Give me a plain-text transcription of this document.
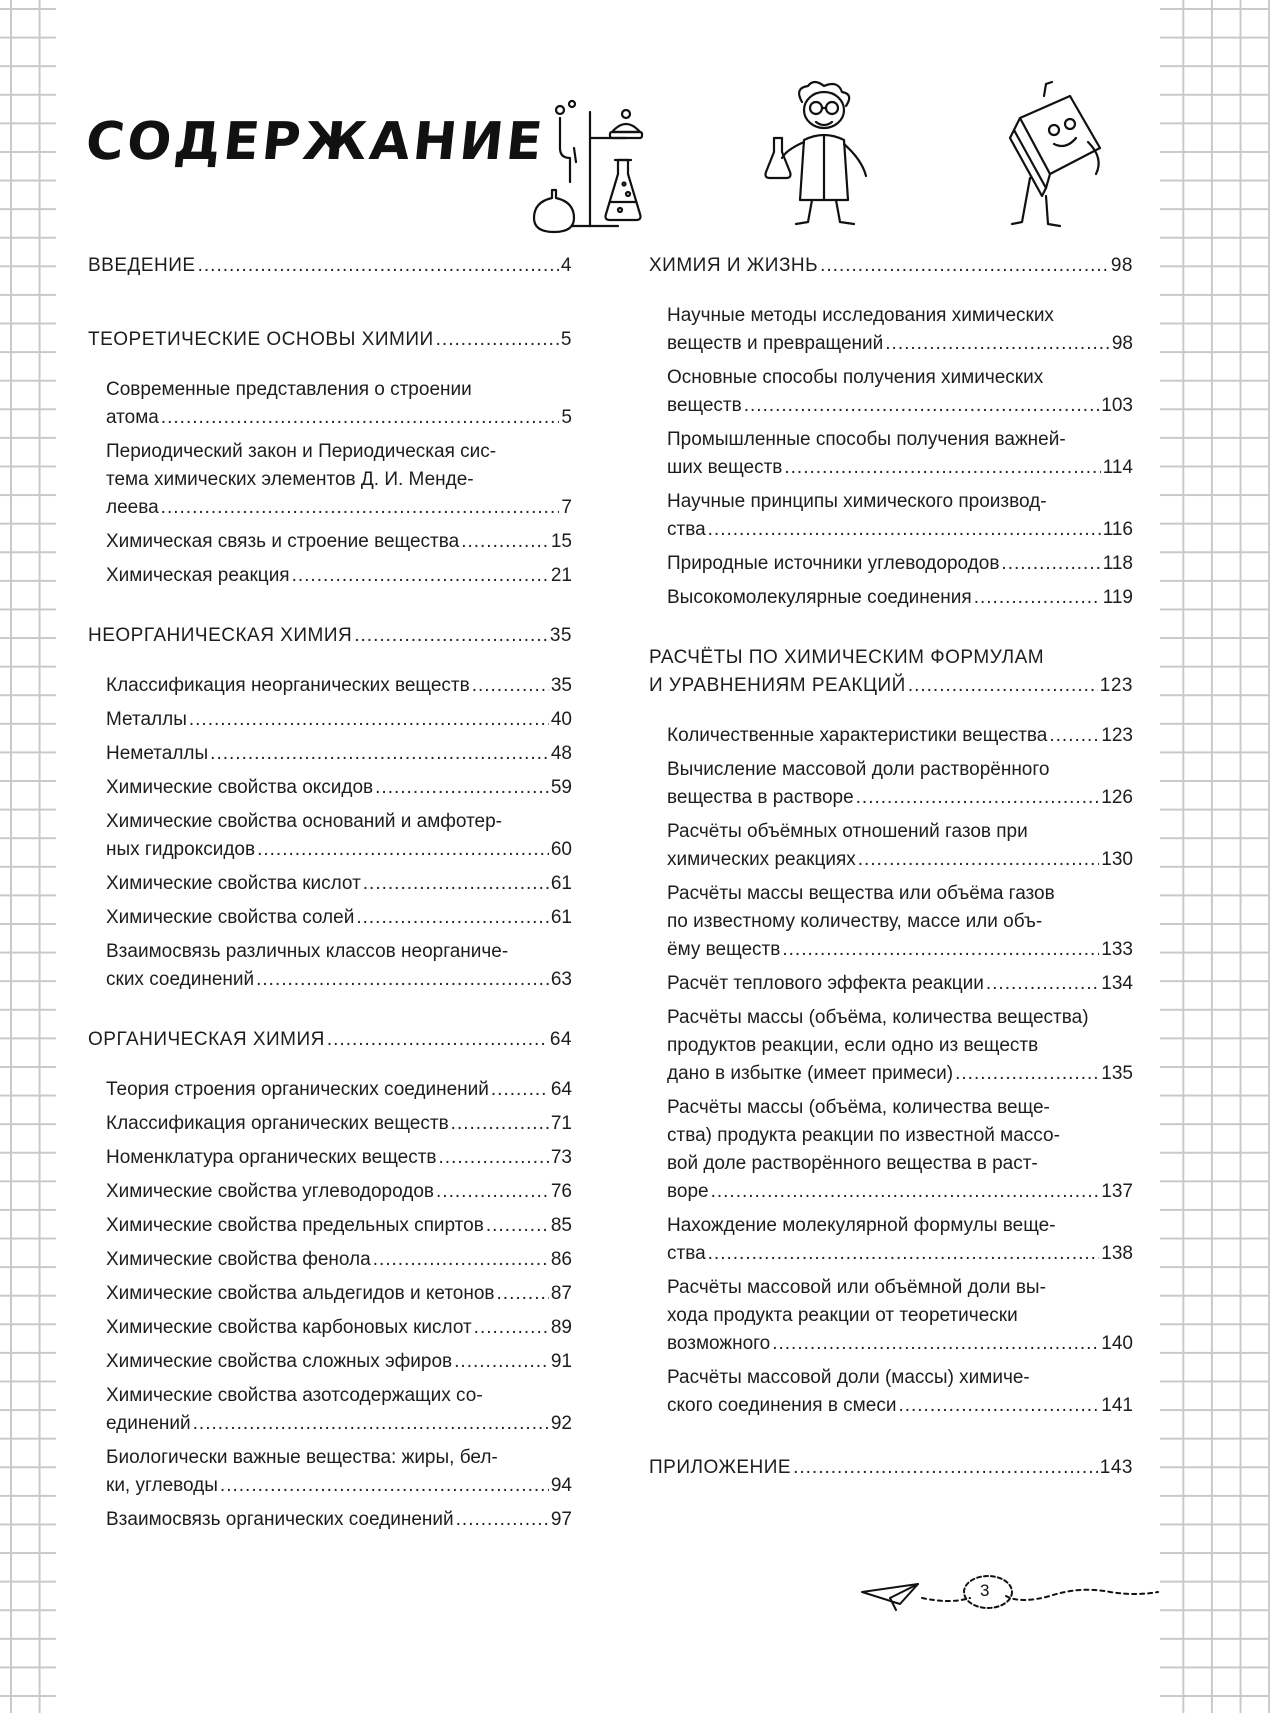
СОДЕРЖАНИЕ
ВВЕДЕНИЕ .....	4
ТЕОРЕТИЧЕСКИЕ ОСНОВЫ ХИМИИ .....	5
Современные представления о строении
атома .....	5
Периодический закон и Периодическая сис-
тема химических элементов Д. И. Менде-
леева .....	7
Химическая связь и строение вещества .....	15
Химическая реакция .....	21
НЕОРГАНИЧЕСКАЯ ХИМИЯ .....	35
Классификация неорганических веществ .....	35
Металлы .....	40
Неметаллы .....	48
Химические свойства оксидов .....	59
Химические свойства оснований и амфотер-
ных гидроксидов .....	60
Химические свойства кислот .....	61
Химические свойства солей .....	61
Взаимосвязь различных классов неорганиче-
ских соединений .....	63
ОРГАНИЧЕСКАЯ ХИМИЯ .....	64
Теория строения органических соединений .....	64
Классификация органических веществ .....	71
Номенклатура органических веществ .....	73
Химические свойства углеводородов .....	76
Химические свойства предельных спиртов .....	85
Химические свойства фенола .....	86
Химические свойства альдегидов и кетонов .....	87
Химические свойства карбоновых кислот .....	89
Химические свойства сложных эфиров .....	91
Химические свойства азотсодержащих со-
единений .....	92
Биологически важные вещества: жиры, бел-
ки, углеводы .....	94
Взаимосвязь органических соединений .....	97
ХИМИЯ И ЖИЗНЬ .....	98
Научные методы исследования химических
веществ и превращений .....	98
Основные способы получения химических
веществ .....	103
Промышленные способы получения важней-
ших веществ .....	114
Научные принципы химического производ-
ства .....	116
Природные источники углеводородов .....	118
Высокомолекулярные соединения .....	119
РАСЧЁТЫ ПО ХИМИЧЕСКИМ ФОРМУЛАМ
И УРАВНЕНИЯМ РЕАКЦИЙ .....	123
Количественные характеристики вещества .....	123
Вычисление массовой доли растворённого
вещества в растворе .....	126
Расчёты объёмных отношений газов при
химических реакциях .....	130
Расчёты массы вещества или объёма газов
по известному количеству, массе или объ-
ёму веществ .....	133
Расчёт теплового эффекта реакции .....	134
Расчёты массы (объёма, количества вещества)
продуктов реакции, если одно из веществ
дано в избытке (имеет примеси) .....	135
Расчёты массы (объёма, количества веще-
ства) продукта реакции по известной массо-
вой доле растворённого вещества в раст-
воре .....	137
Нахождение молекулярной формулы веще-
ства .....	138
Расчёты массовой или объёмной доли вы-
хода продукта реакции от теоретически
возможного .....	140
Расчёты массовой доли (массы) химиче-
ского соединения в смеси .....	141
ПРИЛОЖЕНИЕ .....	143
3
